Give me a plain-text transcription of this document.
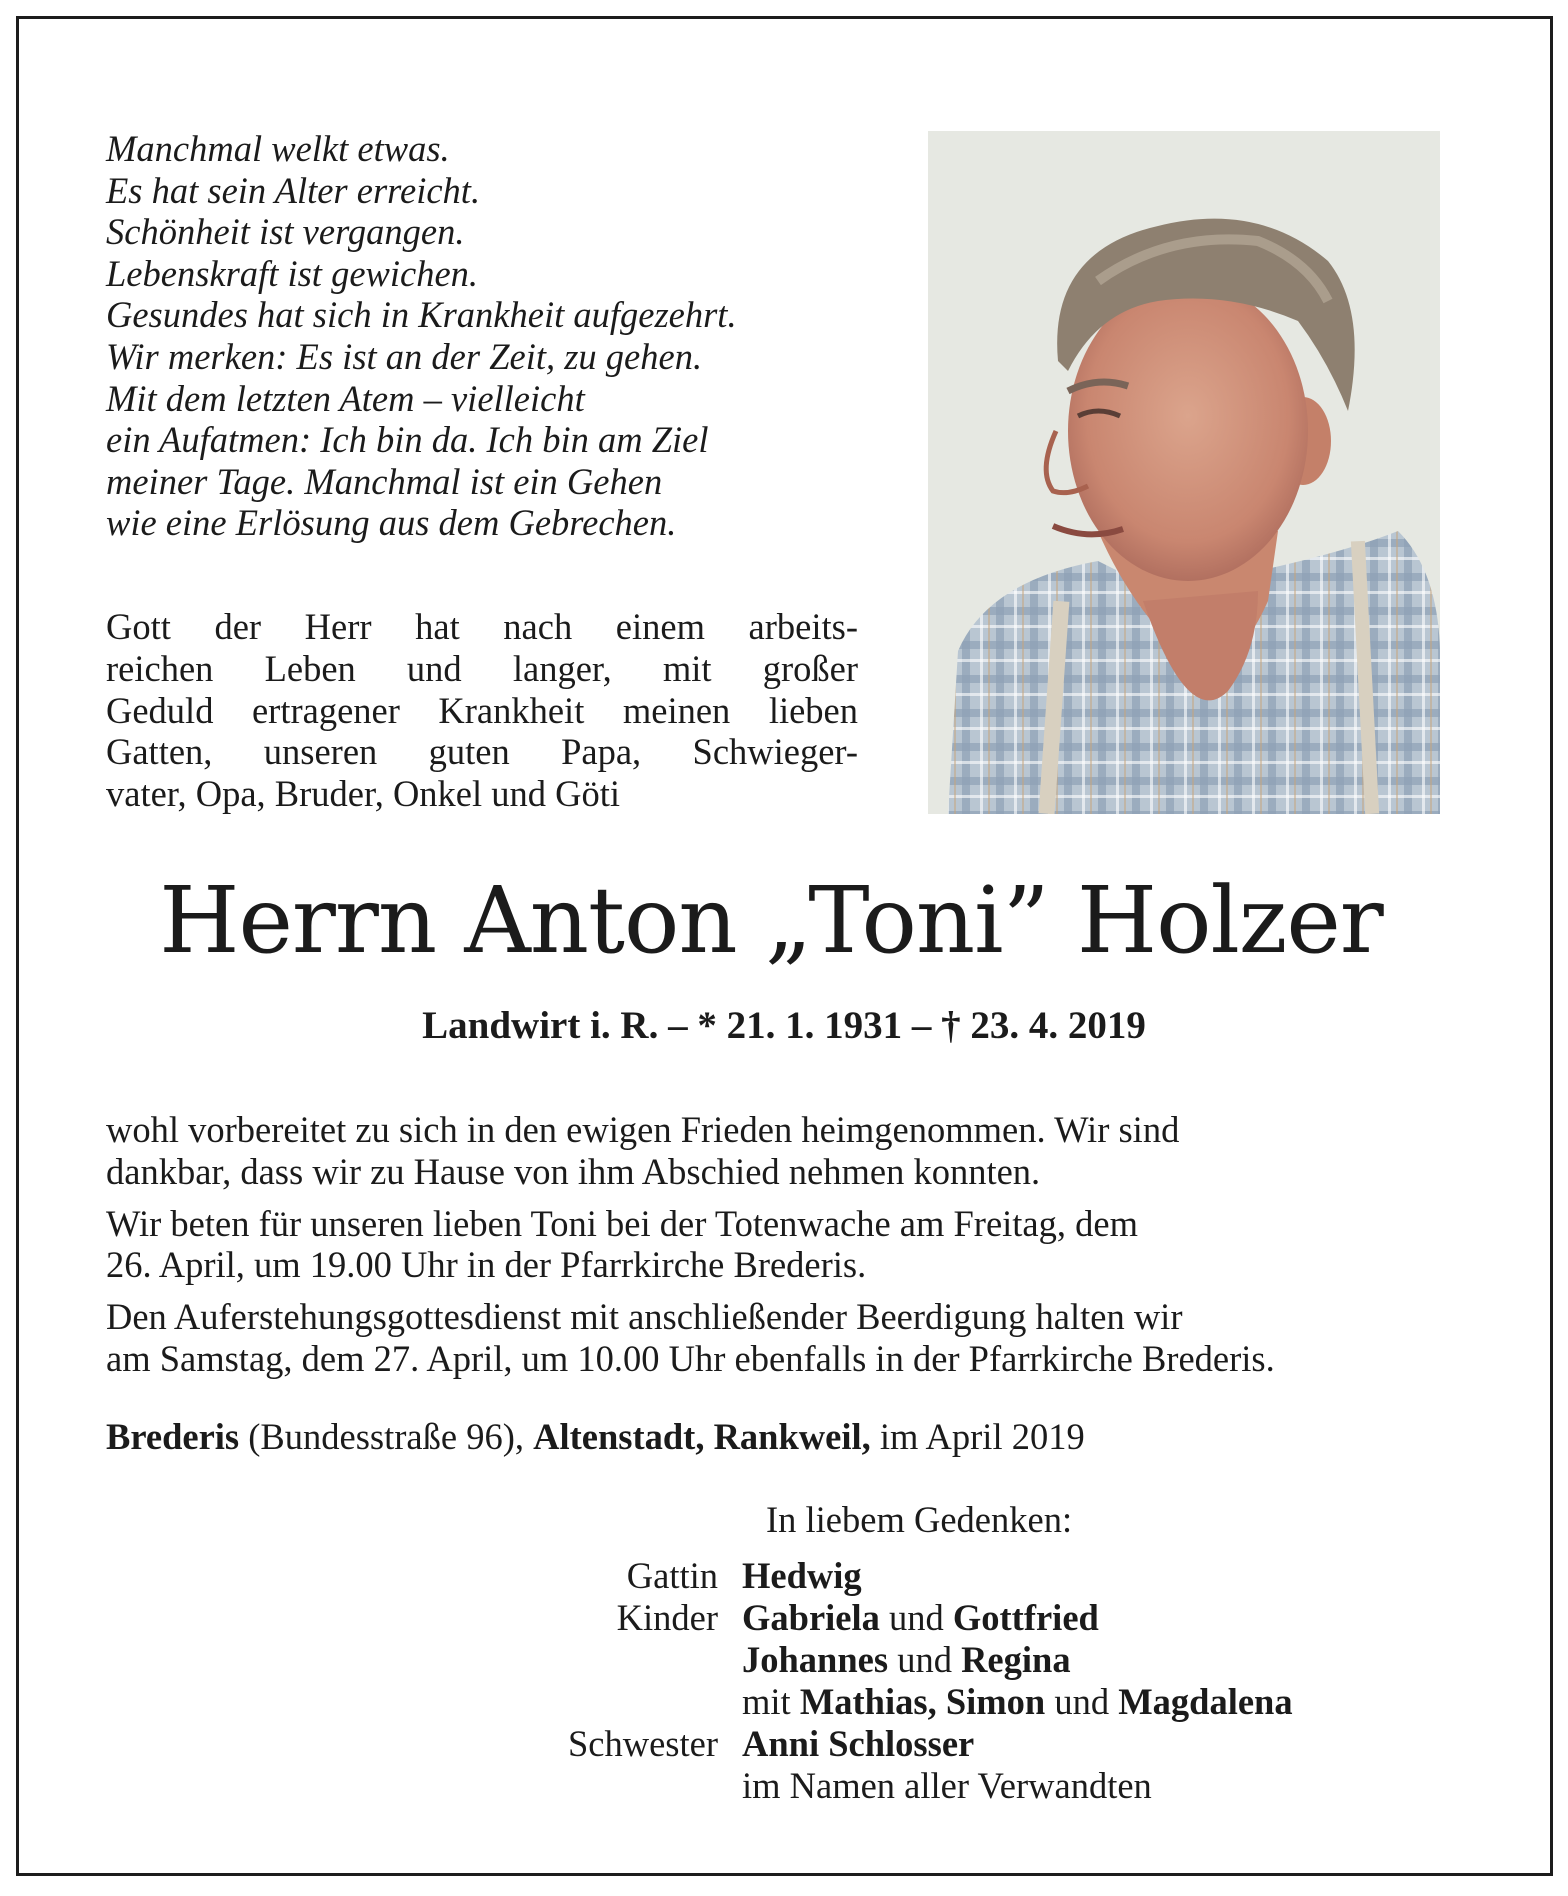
Manchmal welkt etwas.
Es hat sein Alter erreicht.
Schönheit ist vergangen.
Lebenskraft ist gewichen.
Gesundes hat sich in Krankheit aufgezehrt.
Wir merken: Es ist an der Zeit, zu gehen.
Mit dem letzten Atem – vielleicht
ein Aufatmen: Ich bin da. Ich bin am Ziel
meiner Tage. Manchmal ist ein Gehen
wie eine Erlösung aus dem Gebrechen.
Gott der Herr hat nach einem arbeits-
reichen Leben und langer, mit großer
Geduld ertragener Krankheit meinen lieben
Gatten, unseren guten Papa, Schwieger-
vater, Opa, Bruder, Onkel und Göti
Herrn Anton „Toni” Holzer
Landwirt i. R. – * 21. 1. 1931 – † 23. 4. 2019

wohl vorbereitet zu sich in den ewigen Frieden heimgenommen. Wir sind
dankbar, dass wir zu Hause von ihm Abschied nehmen konnten.

Wir beten für unseren lieben Toni bei der Totenwache am Freitag, dem
26. April, um 19.00 Uhr in der Pfarrkirche Brederis.

Den Auferstehungsgottesdienst mit anschließender Beerdigung halten wir
am Samstag, dem 27. April, um 10.00 Uhr ebenfalls in der Pfarrkirche Brederis.

Brederis (Bundesstraße 96), Altenstadt, Rankweil, im April 2019
In liebem Gedenken:
Gattin Hedwig
Kinder Gabriela und Gottfried
Johannes und Regina
mit Mathias, Simon und Magdalena
Schwester Anni Schlosser
im Namen aller Verwandten
